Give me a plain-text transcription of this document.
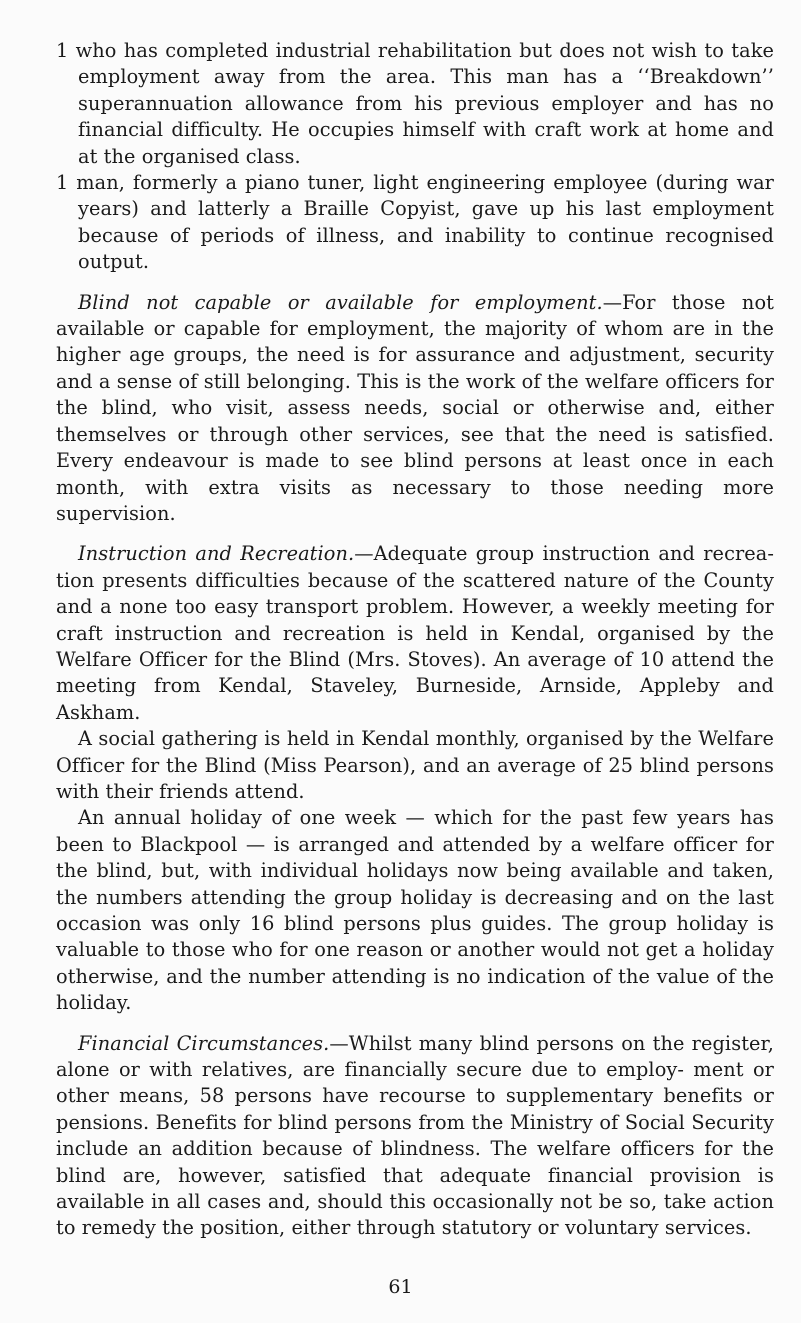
1 who has completed industrial rehabilitation but does not wish to take employment away from the area. This man has a ‘‘Breakdown’’ superannuation allowance from his previous employer and has no financial difficulty. He occupies himself with craft work at home and at the organised class.

1 man, formerly a piano tuner, light engineering employee (during war years) and latterly a Braille Copyist, gave up his last employment because of periods of illness, and inability to continue recognised output.

Blind not capable or available for employment.—For those not available or capable for employment, the majority of whom are in the higher age groups, the need is for assurance and adjustment, security and a sense of still belonging. This is the work of the welfare officers for the blind, who visit, assess needs, social or otherwise and, either themselves or through other services, see that the need is satisfied. Every endeavour is made to see blind persons at least once in each month, with extra visits as necessary to those needing more supervision.

Instruction and Recreation.—Adequate group instruction and recrea- tion presents difficulties because of the scattered nature of the County and a none too easy transport problem. However, a weekly meeting for craft instruction and recreation is held in Kendal, organised by the Welfare Officer for the Blind (Mrs. Stoves). An average of 10 attend the meeting from Kendal, Staveley, Burneside, Arnside, Appleby and Askham.

A social gathering is held in Kendal monthly, organised by the Welfare Officer for the Blind (Miss Pearson), and an average of 25 blind persons with their friends attend.

An annual holiday of one week — which for the past few years has been to Blackpool — is arranged and attended by a welfare officer for the blind, but, with individual holidays now being available and taken, the numbers attending the group holiday is decreasing and on the last occasion was only 16 blind persons plus guides. The group holiday is valuable to those who for one reason or another would not get a holiday otherwise, and the number attending is no indication of the value of the holiday.

Financial Circumstances.—Whilst many blind persons on the register, alone or with relatives, are financially secure due to employ- ment or other means, 58 persons have recourse to supplementary benefits or pensions. Benefits for blind persons from the Ministry of Social Security include an addition because of blindness. The welfare officers for the blind are, however, satisfied that adequate financial provision is available in all cases and, should this occasionally not be so, take action to remedy the position, either through statutory or voluntary services.

61
